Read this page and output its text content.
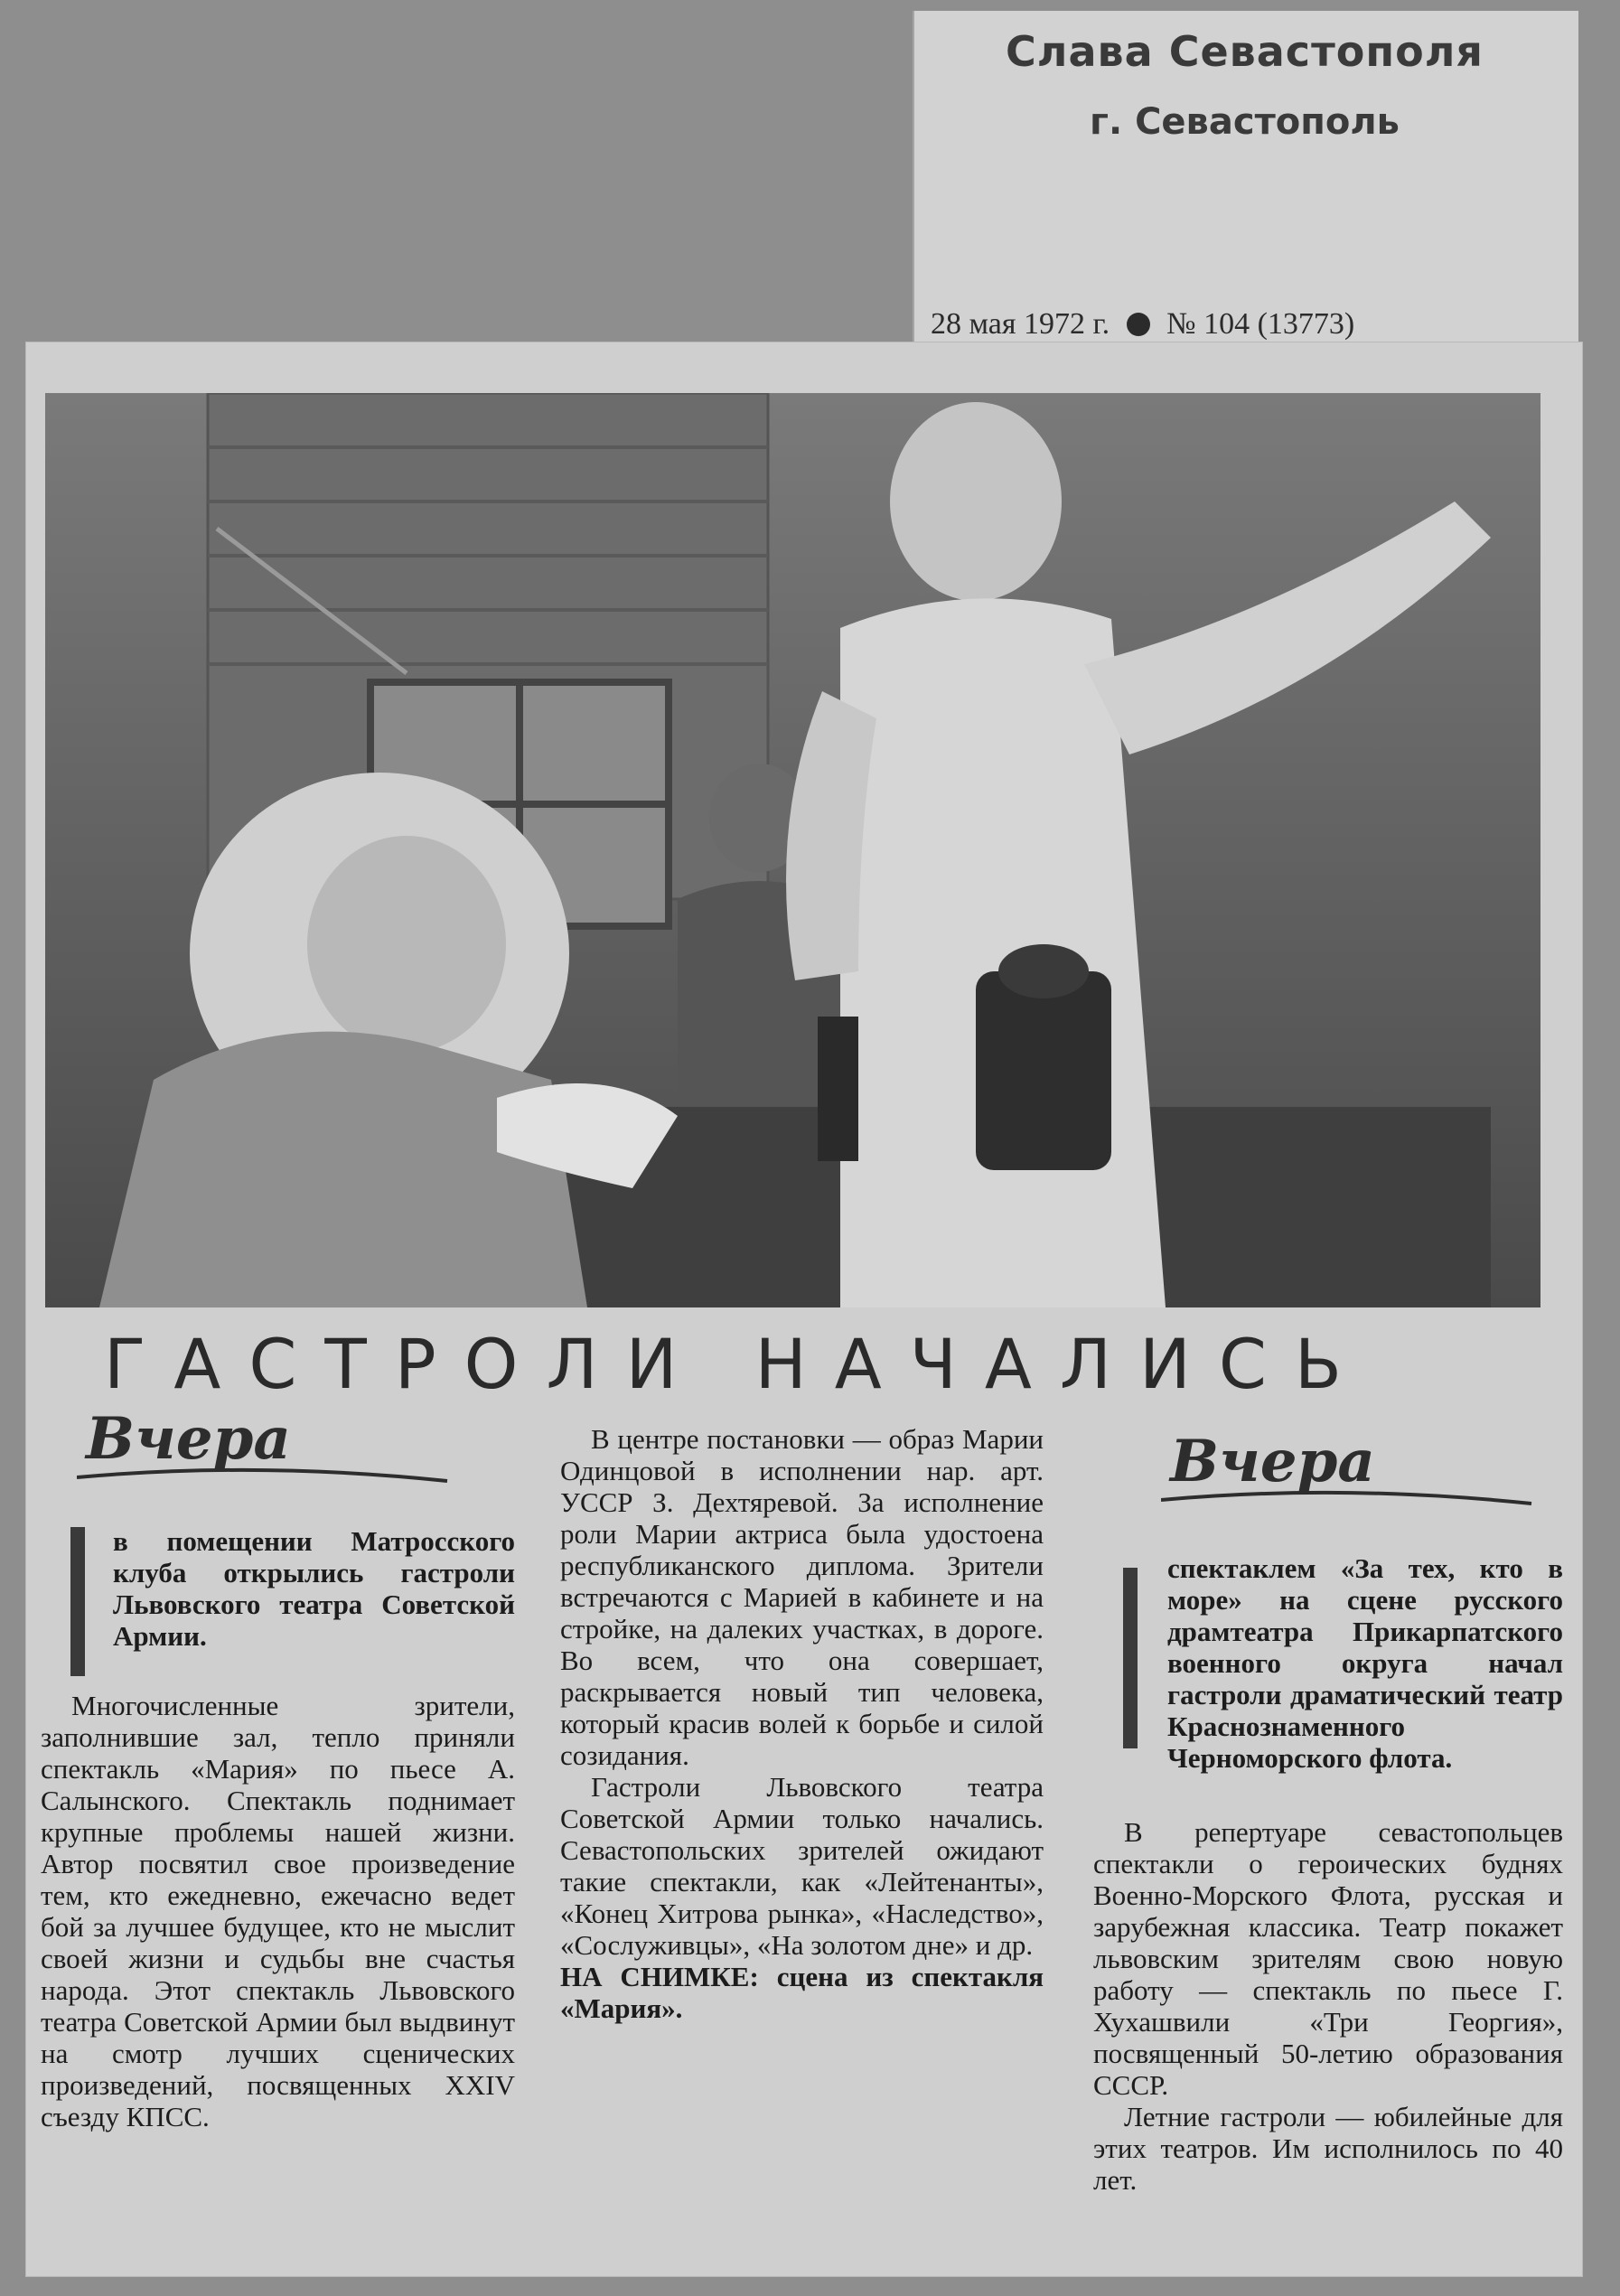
Слава Севастополя
г. Севастополь
28 мая 1972 г. № 104 (13773)
ГАСТРОЛИ НАЧАЛИСЬ
Вчера
в помещении Матросского клуба открылись гастроли Львовского театра Советской Армии.

Многочисленные зрители, заполнившие зал, тепло приняли спектакль «Мария» по пьесе А. Салынского. Спектакль поднимает крупные проблемы нашей жизни. Автор посвятил свое произведение тем, кто ежедневно, ежечасно ведет бой за лучшее будущее, кто не мыслит своей жизни и судьбы вне счастья народа. Этот спектакль Львовского театра Советской Армии был выдвинут на смотр лучших сценических произведений, посвященных XXIV съезду КПСС.

В центре постановки — образ Марии Одинцовой в исполнении нар. арт. УССР З. Дехтяревой. За исполнение роли Марии актриса была удостоена республиканского диплома. Зрители встречаются с Марией в кабинете и на стройке, на далеких участках, в дороге. Во всем, что она совершает, раскрывается новый тип человека, который красив волей к борьбе и силой созидания.

Гастроли Львовского театра Советской Армии только начались. Севастопольских зрителей ожидают такие спектакли, как «Лейтенанты», «Конец Хитрова рынка», «Наследство», «Сослуживцы», «На золотом дне» и др.

НА СНИМКЕ: сцена из спектакля «Мария».

Вчера
спектаклем «За тех, кто в море» на сцене русского драмтеатра Прикарпатского военного округа начал гастроли драматический театр Краснознаменного Черноморского флота.

В репертуаре севастопольцев спектакли о героических буднях Военно-Морского Флота, русская и зарубежная классика. Театр покажет львовским зрителям свою новую работу — спектакль по пьесе Г. Хухашвили «Три Георгия», посвященный 50-летию образования СССР.

Летние гастроли — юбилейные для этих театров. Им исполнилось по 40 лет.
